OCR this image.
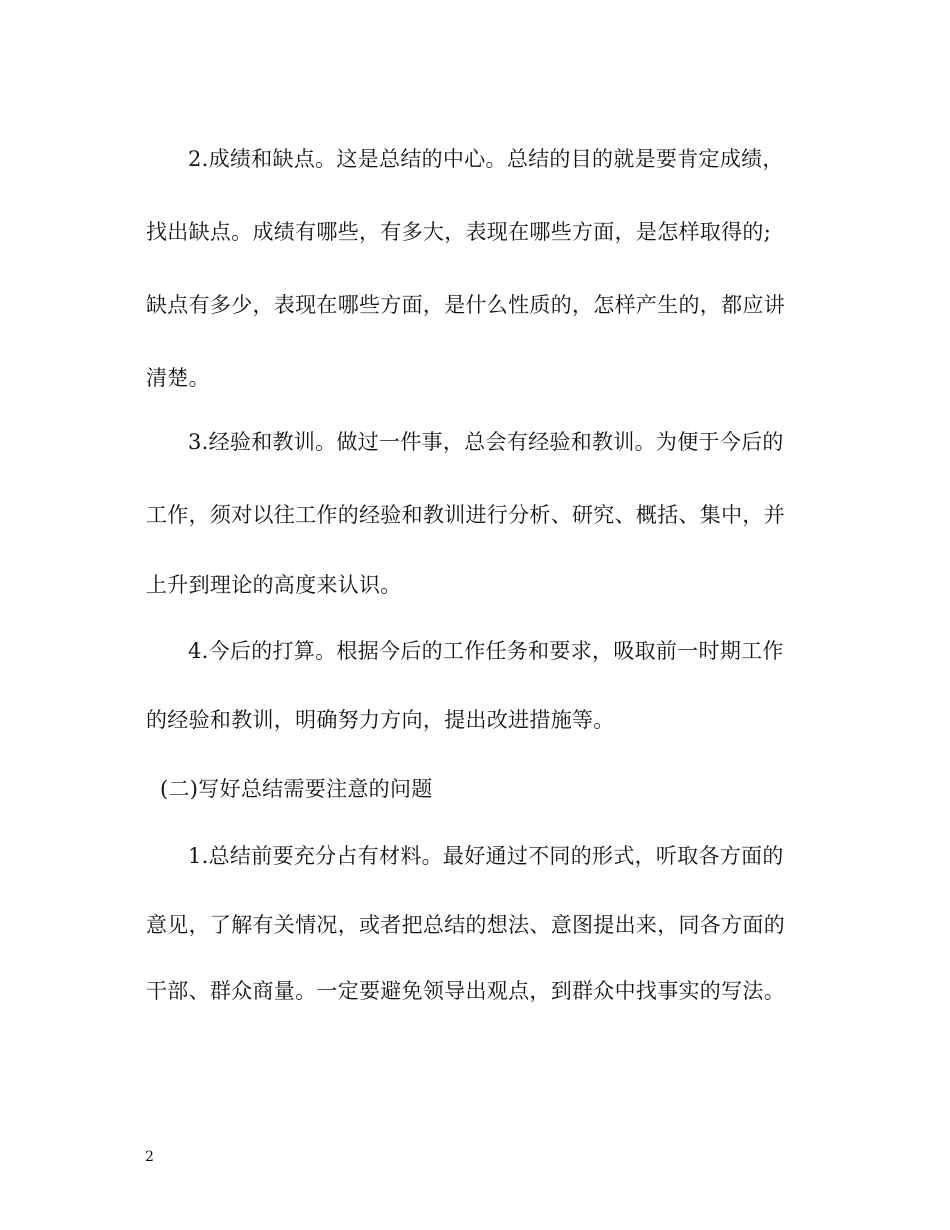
2.成绩和缺点。这是总结的中心。总结的目的就是要肯定成绩，
找出缺点。成绩有哪些，有多大，表现在哪些方面，是怎样取得的;
缺点有多少，表现在哪些方面，是什么性质的，怎样产生的，都应讲
清楚。
3.经验和教训。做过一件事，总会有经验和教训。为便于今后的
工作，须对以往工作的经验和教训进行分析、研究、概括、集中，并
上升到理论的高度来认识。
4.今后的打算。根据今后的工作任务和要求，吸取前一时期工作
的经验和教训，明确努力方向，提出改进措施等。
(二)写好总结需要注意的问题
1.总结前要充分占有材料。最好通过不同的形式，听取各方面的
意见，了解有关情况，或者把总结的想法、意图提出来，同各方面的
干部、群众商量。一定要避免领导出观点，到群众中找事实的写法。
2
